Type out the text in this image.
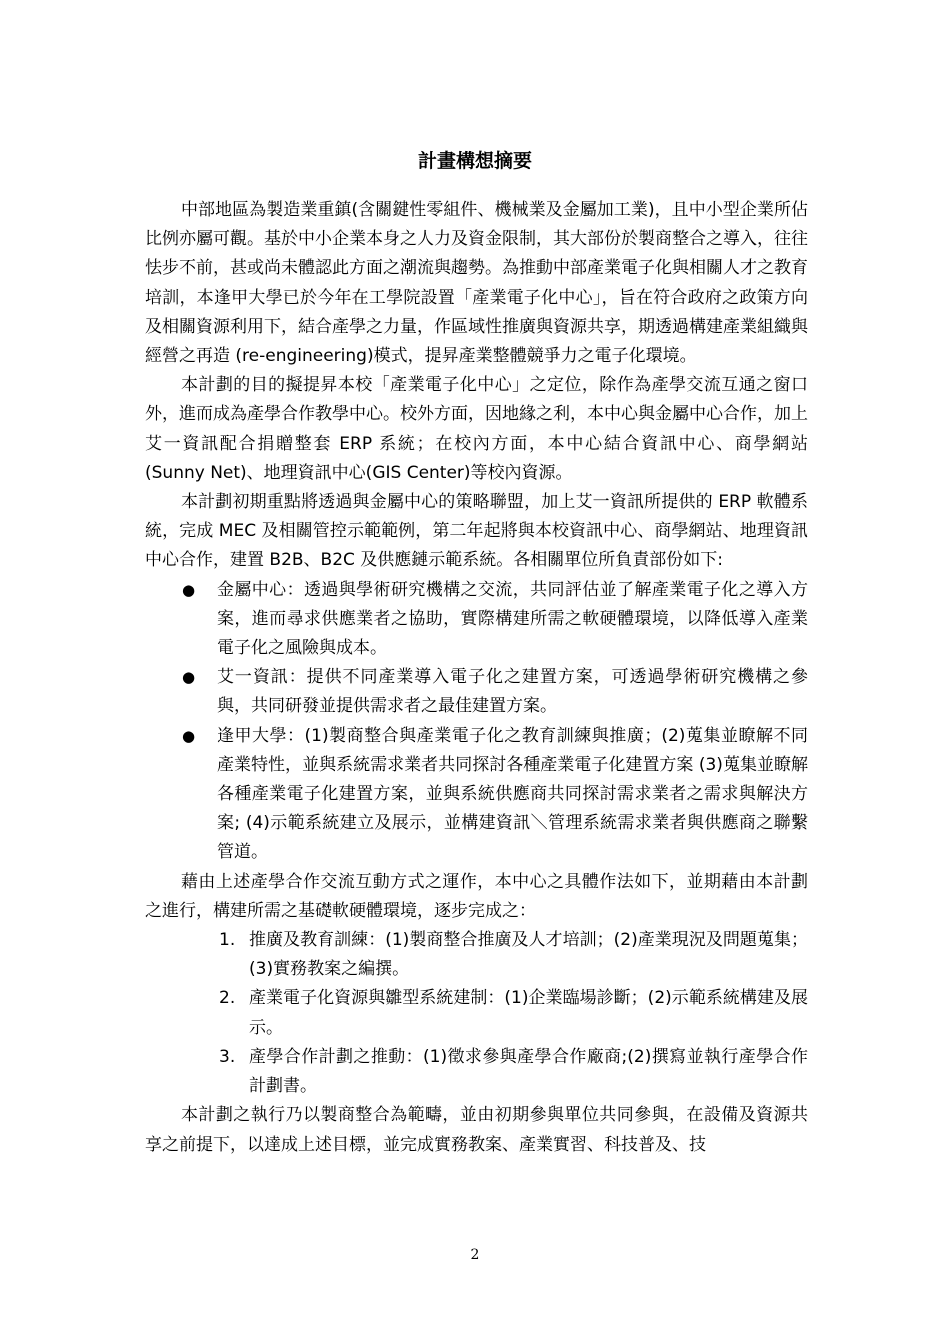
計畫構想摘要

中部地區為製造業重鎮(含關鍵性零組件、機械業及金屬加工業)，且中小型企業所佔比例亦屬可觀。基於中小企業本身之人力及資金限制，其大部份於製商整合之導入，往往怯步不前，甚或尚未體認此方面之潮流與趨勢。為推動中部產業電子化與相關人才之教育培訓，本逢甲大學已於今年在工學院設置「產業電子化中心」，旨在符合政府之政策方向及相關資源利用下，結合產學之力量，作區域性推廣與資源共享，期透過構建產業組織與經營之再造 (re-engineering)模式，提昇產業整體競爭力之電子化環境。

本計劃的目的擬提昇本校「產業電子化中心」之定位，除作為產學交流互通之窗口外，進而成為產學合作教學中心。校外方面，因地緣之利，本中心與金屬中心合作，加上艾一資訊配合捐贈整套 ERP 系統；在校內方面，本中心結合資訊中心、商學網站(Sunny Net)、地理資訊中心(GIS Center)等校內資源。

本計劃初期重點將透過與金屬中心的策略聯盟，加上艾一資訊所提供的 ERP 軟體系統，完成 MEC 及相關管控示範範例，第二年起將與本校資訊中心、商學網站、地理資訊中心合作，建置 B2B、B2C 及供應鏈示範系統。各相關單位所負責部份如下:

● 金屬中心：透過與學術研究機構之交流，共同評估並了解產業電子化之導入方案，進而尋求供應業者之協助，實際構建所需之軟硬體環境，以降低導入產業電子化之風險與成本。
● 艾一資訊：提供不同產業導入電子化之建置方案，可透過學術研究機構之參與，共同研發並提供需求者之最佳建置方案。
● 逢甲大學：(1)製商整合與產業電子化之教育訓練與推廣；(2)蒐集並瞭解不同產業特性，並與系統需求業者共同探討各種產業電子化建置方案 (3)蒐集並瞭解各種產業電子化建置方案，並與系統供應商共同探討需求業者之需求與解決方案; (4)示範系統建立及展示，並構建資訊＼管理系統需求業者與供應商之聯繫管道。

藉由上述產學合作交流互動方式之運作，本中心之具體作法如下，並期藉由本計劃之進行，構建所需之基礎軟硬體環境，逐步完成之：

1. 推廣及教育訓練：(1)製商整合推廣及人才培訓；(2)產業現況及問題蒐集；(3)實務教案之編撰。
2. 產業電子化資源與雛型系統建制：(1)企業臨場診斷；(2)示範系統構建及展示。
3. 產學合作計劃之推動：(1)徵求參與產學合作廠商;(2)撰寫並執行產學合作計劃書。

本計劃之執行乃以製商整合為範疇，並由初期參與單位共同參與，在設備及資源共享之前提下，以達成上述目標，並完成實務教案、產業實習、科技普及、技

2
